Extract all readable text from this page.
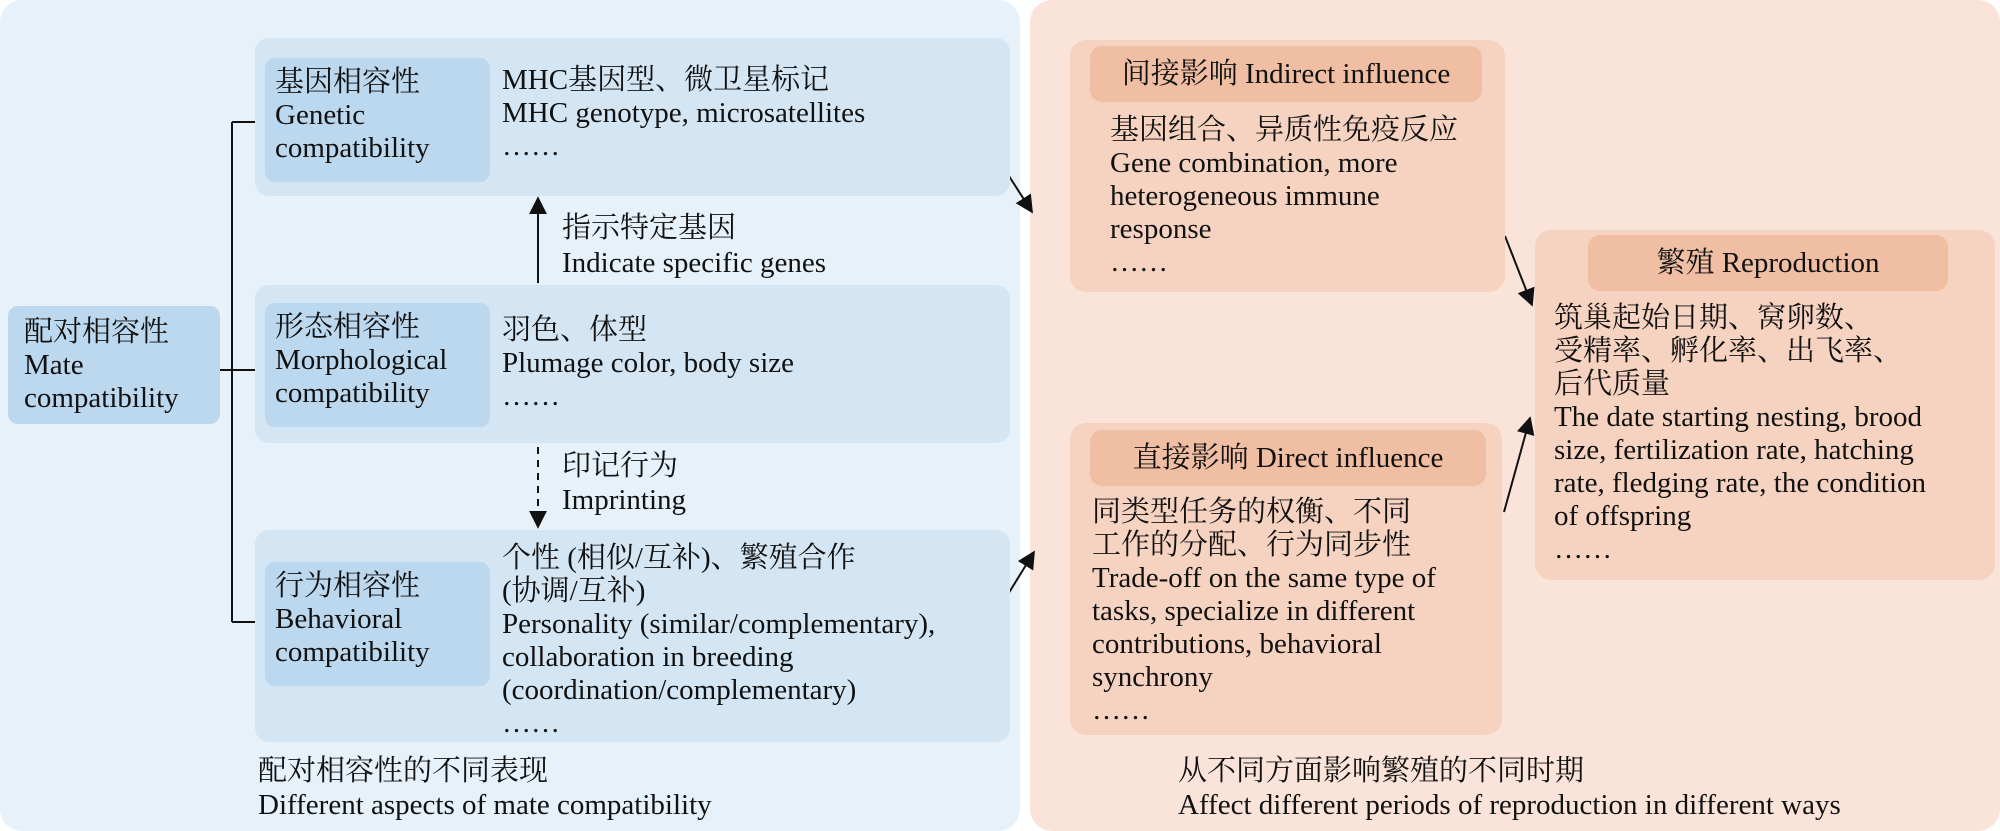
配对相容性
Mate
compatibility
基因相容性
Genetic
compatibility
MHC基因型、微卫星标记
MHC genotype, microsatellites
……
指示特定基因
Indicate specific genes
形态相容性
Morphological
compatibility
羽色、体型
Plumage color, body size
……
印记行为
Imprinting
行为相容性
Behavioral
compatibility
个性 (相似/互补)、繁殖合作
(协调/互补)
Personality (similar/complementary),
collaboration in breeding
(coordination/complementary)
……
配对相容性的不同表现
Different aspects of mate compatibility
间接影响 Indirect influence
基因组合、异质性免疫反应
Gene combination, more
heterogeneous immune
response
……
直接影响 Direct influence
同类型任务的权衡、不同
工作的分配、行为同步性
Trade-off on the same type of
tasks, specialize in different
contributions, behavioral
synchrony
……
繁殖 Reproduction
筑巢起始日期、窝卵数、
受精率、孵化率、出飞率、
后代质量
The date starting nesting, brood
size, fertilization rate, hatching
rate, fledging rate, the condition
of offspring
……
从不同方面影响繁殖的不同时期
Affect different periods of reproduction in different ways
